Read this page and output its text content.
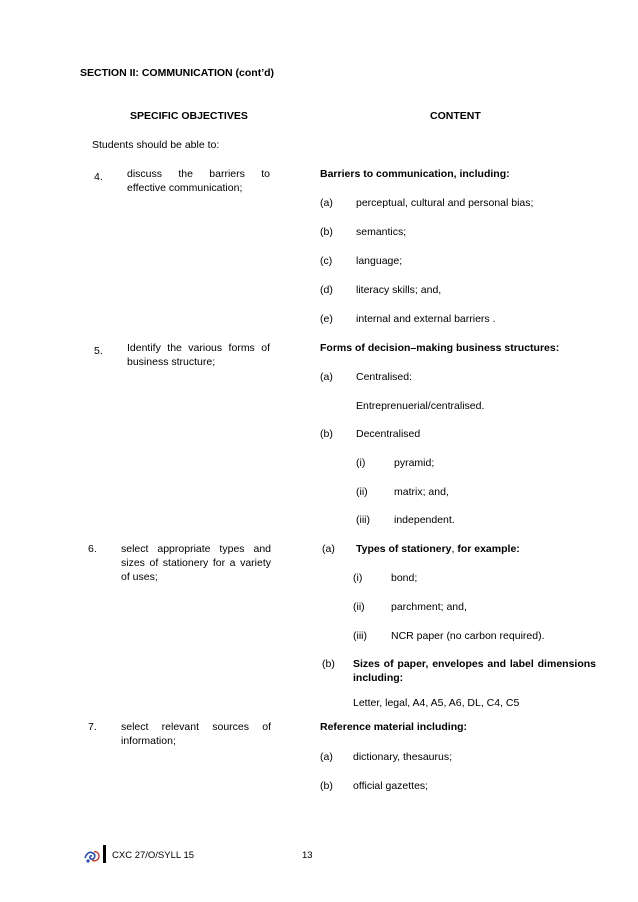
SECTION II: COMMUNICATION (cont’d)
SPECIFIC OBJECTIVES	CONTENT
Students should be able to:
4. discuss the barriers to effective communication;
Barriers to communication, including:
(a) perceptual, cultural and personal bias;
(b) semantics;
(c) language;
(d) literacy skills; and,
(e) internal and external barriers .
5. Identify the various forms of business structure;
Forms of decision–making business structures:
(a) Centralised:
Entreprenuerial/centralised.
(b) Decentralised
(i)	pyramid;
(ii)	matrix; and,
(iii) independent.
6. select appropriate types and sizes of stationery for a variety of uses;
(a) Types of stationery, for example:
(i)	bond;
(ii)	parchment; and,
(iii) NCR paper (no carbon required).
(b) Sizes of paper, envelopes and label dimensions including:
Letter, legal, A4, A5, A6, DL, C4, C5
7. select relevant sources of information;
Reference material including:
(a) dictionary, thesaurus;
(b) official gazettes;
CXC 27/O/SYLL 15	13
